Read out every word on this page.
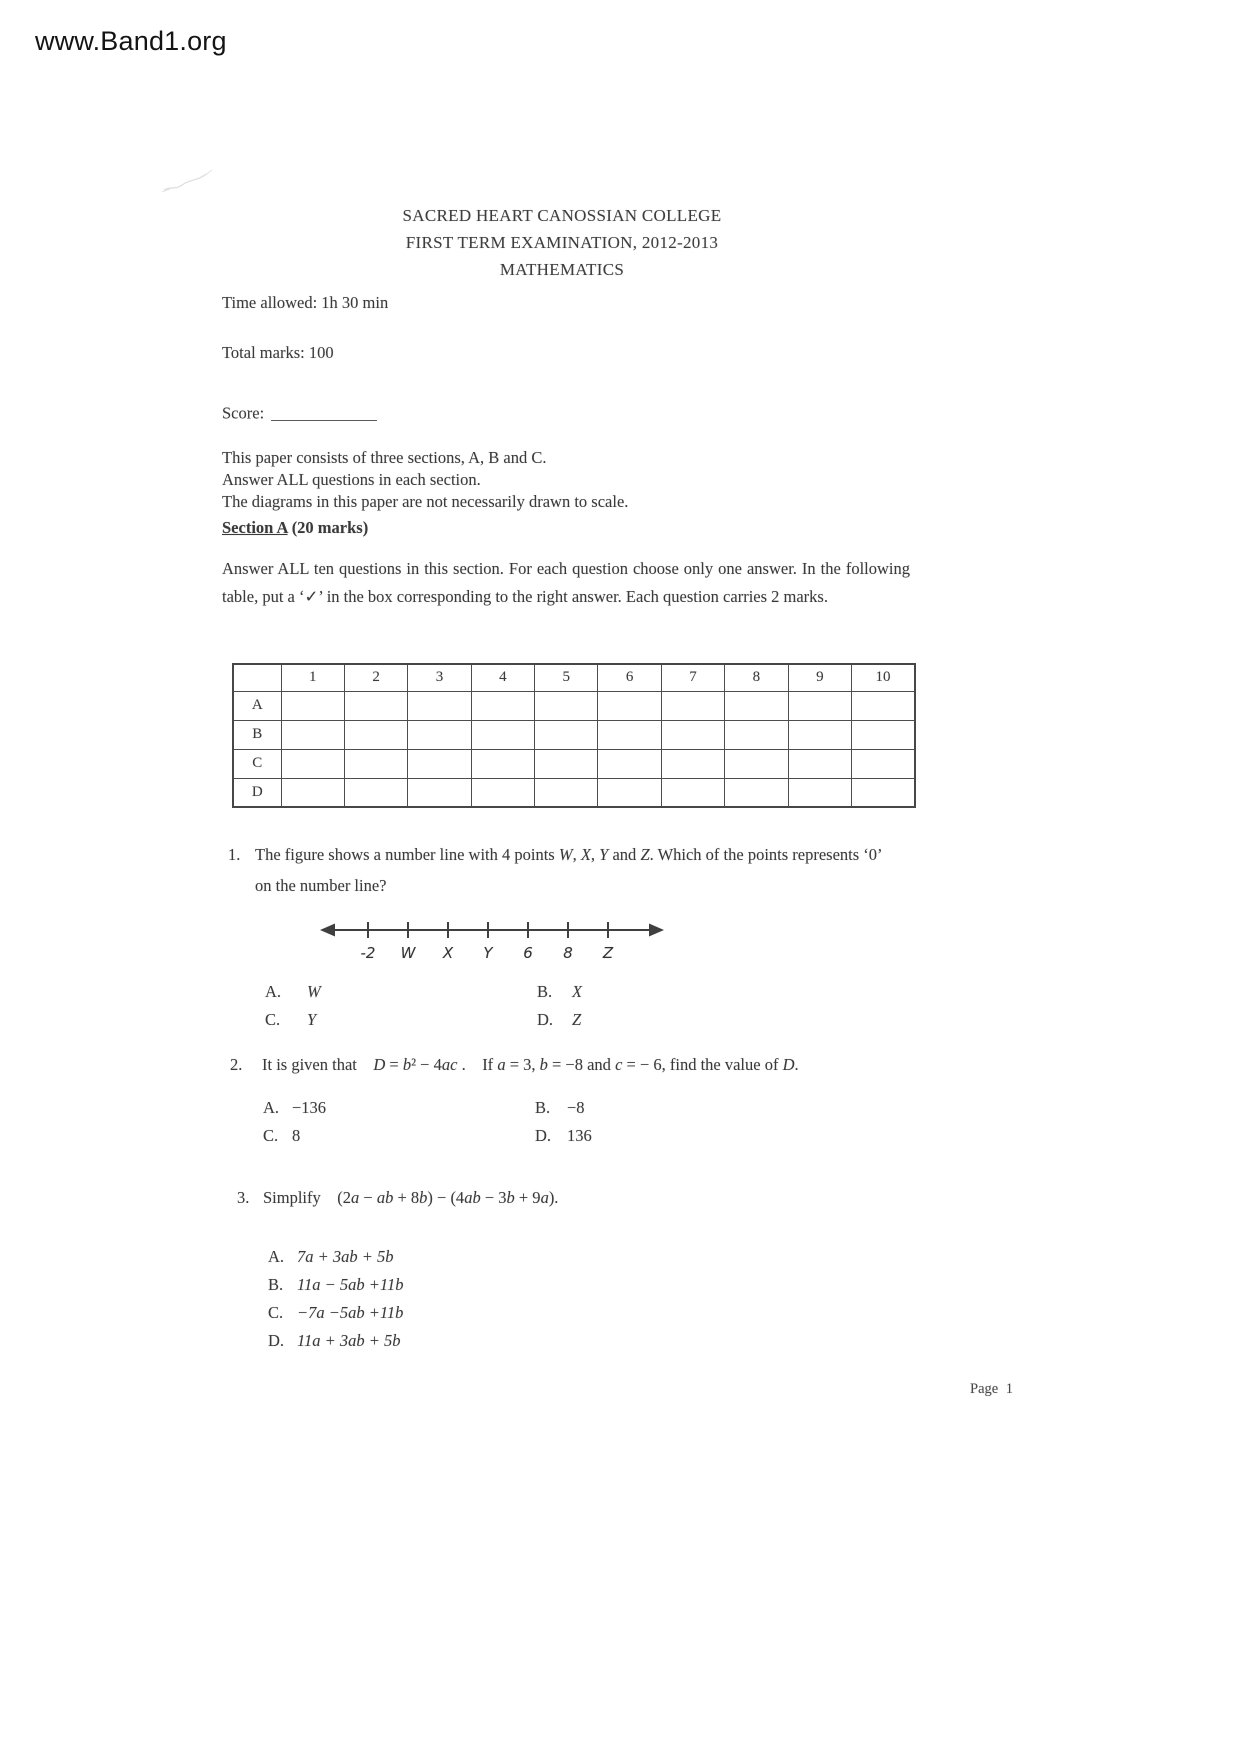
www.Band1.org
SACRED HEART CANOSSIAN COLLEGE
FIRST TERM EXAMINATION, 2012-2013
MATHEMATICS
Time allowed: 1h 30 min
Total marks: 100
Score:
This paper consists of three sections, A, B and C.
Answer ALL questions in each section.
The diagrams in this paper are not necessarily drawn to scale.
Section A (20 marks)
Answer ALL ten questions in this section. For each question choose only one answer. In the following table, put a ‘✓’ in the box corresponding to the right answer. Each question carries 2 marks.
	1	2	3	4	5	6	7	8	9	10
A										
B										
C										
D										
1. The figure shows a number line with 4 points W, X, Y and Z. Which of the points represents ‘0’
on the number line?
-2 W X Y 6 8 Z
A. W	B. X
C. Y	D. Z
2. It is given that  D = b² − 4ac .  If a = 3, b = −8 and c = − 6, find the value of D.
A. −136	B. −8
C. 8	D. 136
3. Simplify  (2a − ab + 8b) − (4ab − 3b + 9a).
A. 7a + 3ab + 5b
B. 11a − 5ab +11b
C. −7a −5ab +11b
D. 11a + 3ab + 5b
Page 1
